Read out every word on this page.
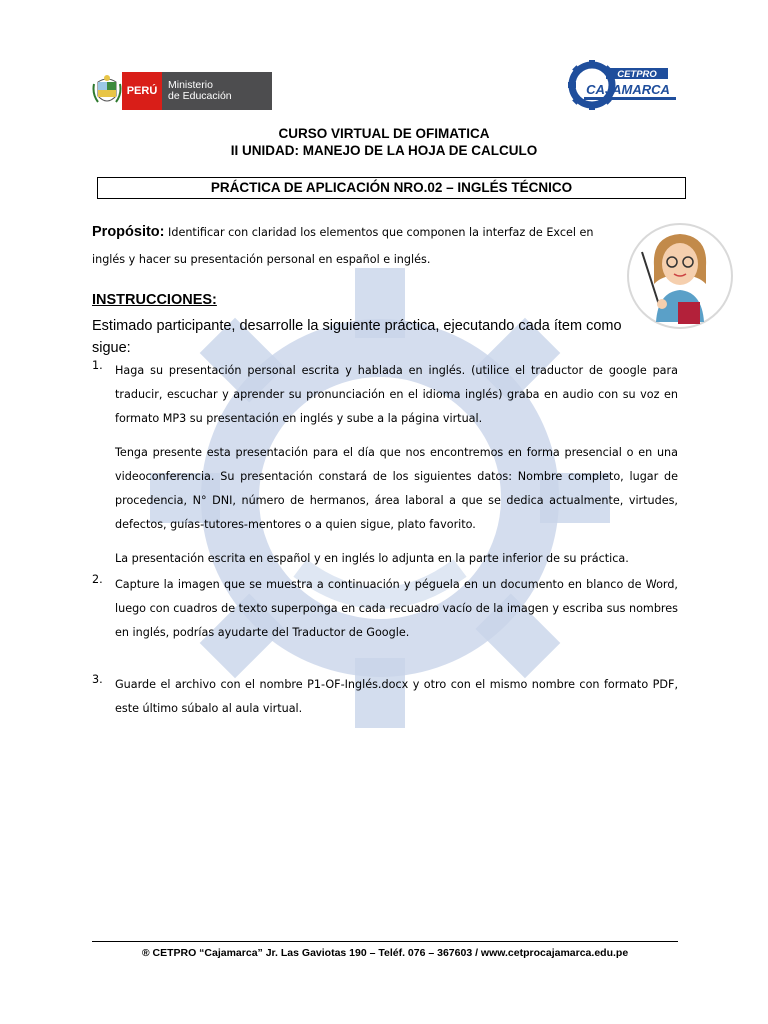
PERÚ Ministerio
de Educación
CETPRO
CAJAMARCA
CURSO VIRTUAL DE OFIMATICA
II UNIDAD: MANEJO DE LA HOJA DE CALCULO
PRÁCTICA DE APLICACIÓN NRO.02 – INGLÉS TÉCNICO
Propósito: Identificar con claridad los elementos que componen la interfaz de Excel en inglés y hacer su presentación personal en español e inglés.
INSTRUCCIONES:
Estimado participante, desarrolle la siguiente práctica, ejecutando cada ítem como sigue:
1. Haga su presentación personal escrita y hablada en inglés. (utilice el traductor de google para traducir, escuchar y aprender su pronunciación en el idioma inglés) graba en audio con su voz en formato MP3 su presentación en inglés y sube a la página virtual.
Tenga presente esta presentación para el día que nos encontremos en forma presencial o en una videoconferencia. Su presentación constará de los siguientes datos: Nombre completo, lugar de procedencia, N° DNI, número de hermanos, área laboral a que se dedica actualmente, virtudes, defectos, guías-tutores-mentores o a quien sigue, plato favorito.
La presentación escrita en español y en inglés lo adjunta en la parte inferior de su práctica.
2. Capture la imagen que se muestra a continuación y péguela en un documento en blanco de Word, luego con cuadros de texto superponga en cada recuadro vacío de la imagen y escriba sus nombres en inglés, podrías ayudarte del Traductor de Google.
3. Guarde el archivo con el nombre P1-OF-Inglés.docx y otro con el mismo nombre con formato PDF, este último súbalo al aula virtual.
® CETPRO “Cajamarca” Jr. Las Gaviotas 190 – Teléf. 076 – 367603 / www.cetprocajamarca.edu.pe
